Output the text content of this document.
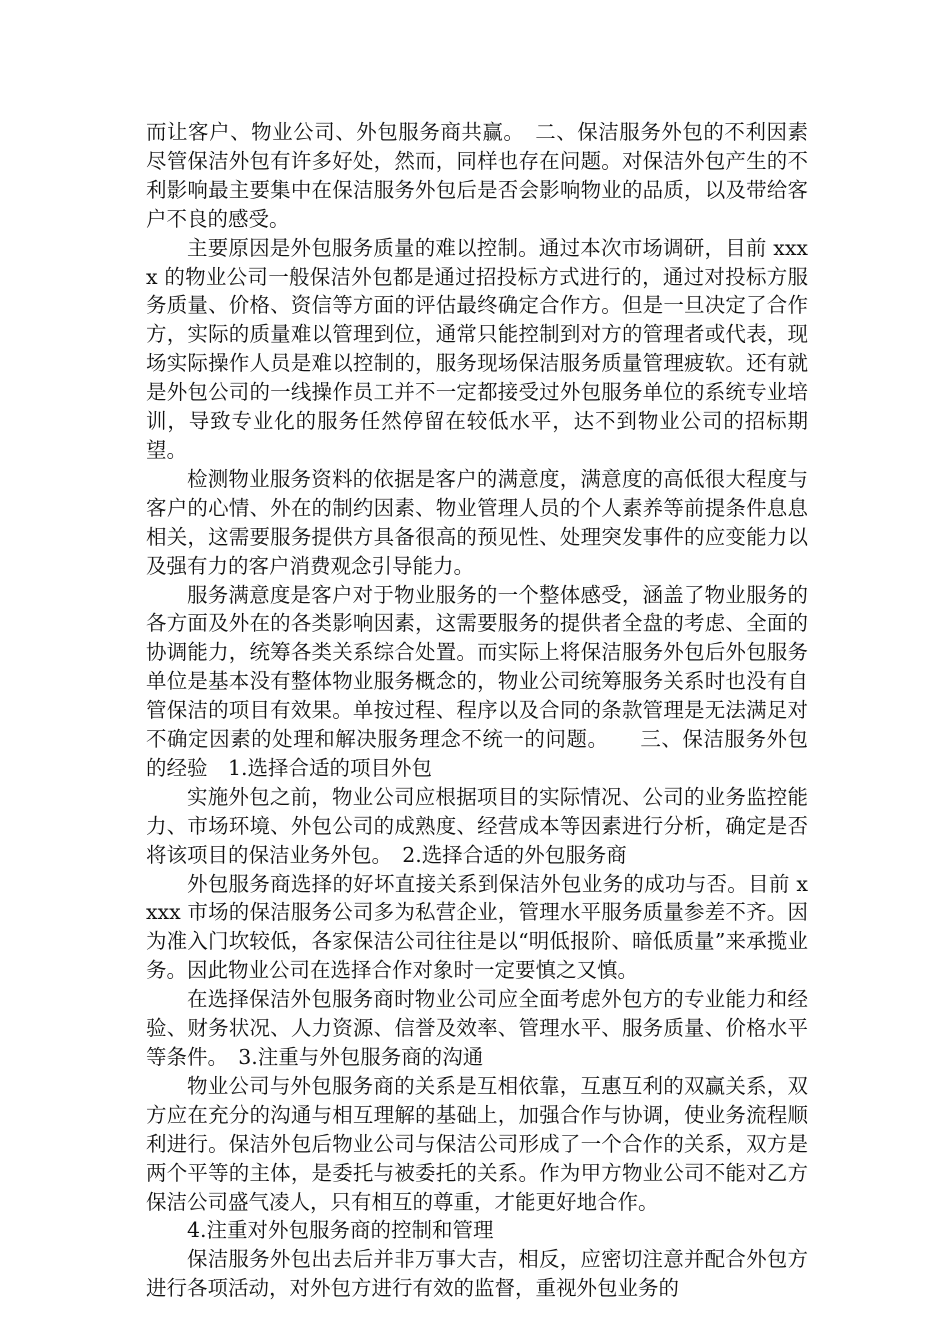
而让客户、物业公司、外包服务商共赢。　二、保洁服务外包的不利因素　尽管保洁外包有许多好处，然而，同样也存在问题。对保洁外包产生的不利影响最主要集中在保洁服务外包后是否会影响物业的品质，以及带给客户不良的感受。

主要原因是外包服务质量的难以控制。通过本次市场调研，目前 xxxx 的物业公司一般保洁外包都是通过招投标方式进行的，通过对投标方服务质量、价格、资信等方面的评估最终确定合作方。但是一旦决定了合作方，实际的质量难以管理到位，通常只能控制到对方的管理者或代表，现场实际操作人员是难以控制的，服务现场保洁服务质量管理疲软。还有就是外包公司的一线操作员工并不一定都接受过外包服务单位的系统专业培训，导致专业化的服务任然停留在较低水平，达不到物业公司的招标期望。

检测物业服务资料的依据是客户的满意度，满意度的高低很大程度与客户的心情、外在的制约因素、物业管理人员的个人素养等前提条件息息相关，这需要服务提供方具备很高的预见性、处理突发事件的应变能力以及强有力的客户消费观念引导能力。

服务满意度是客户对于物业服务的一个整体感受，涵盖了物业服务的各方面及外在的各类影响因素，这需要服务的提供者全盘的考虑、全面的协调能力，统筹各类关系综合处置。而实际上将保洁服务外包后外包服务单位是基本没有整体物业服务概念的，物业公司统筹服务关系时也没有自管保洁的项目有效果。单按过程、程序以及合同的条款管理是无法满足对不确定因素的处理和解决服务理念不统一的问题。　　三、保洁服务外包的经验　1.选择合适的项目外包

实施外包之前，物业公司应根据项目的实际情况、公司的业务监控能力、市场环境、外包公司的成熟度、经营成本等因素进行分析，确定是否将该项目的保洁业务外包。　2.选择合适的外包服务商

外包服务商选择的好坏直接关系到保洁外包业务的成功与否。目前 xxxx 市场的保洁服务公司多为私营企业，管理水平服务质量参差不齐。因为准入门坎较低，各家保洁公司往往是以“明低报阶、暗低质量”来承揽业务。因此物业公司在选择合作对象时一定要慎之又慎。

在选择保洁外包服务商时物业公司应全面考虑外包方的专业能力和经验、财务状况、人力资源、信誉及效率、管理水平、服务质量、价格水平等条件。　3.注重与外包服务商的沟通

物业公司与外包服务商的关系是互相依靠，互惠互利的双赢关系，双方应在充分的沟通与相互理解的基础上，加强合作与协调，使业务流程顺利进行。保洁外包后物业公司与保洁公司形成了一个合作的关系，双方是两个平等的主体，是委托与被委托的关系。作为甲方物业公司不能对乙方保洁公司盛气凌人，只有相互的尊重，才能更好地合作。

4.注重对外包服务商的控制和管理

保洁服务外包出去后并非万事大吉，相反，应密切注意并配合外包方进行各项活动，对外包方进行有效的监督，重视外包业务的
